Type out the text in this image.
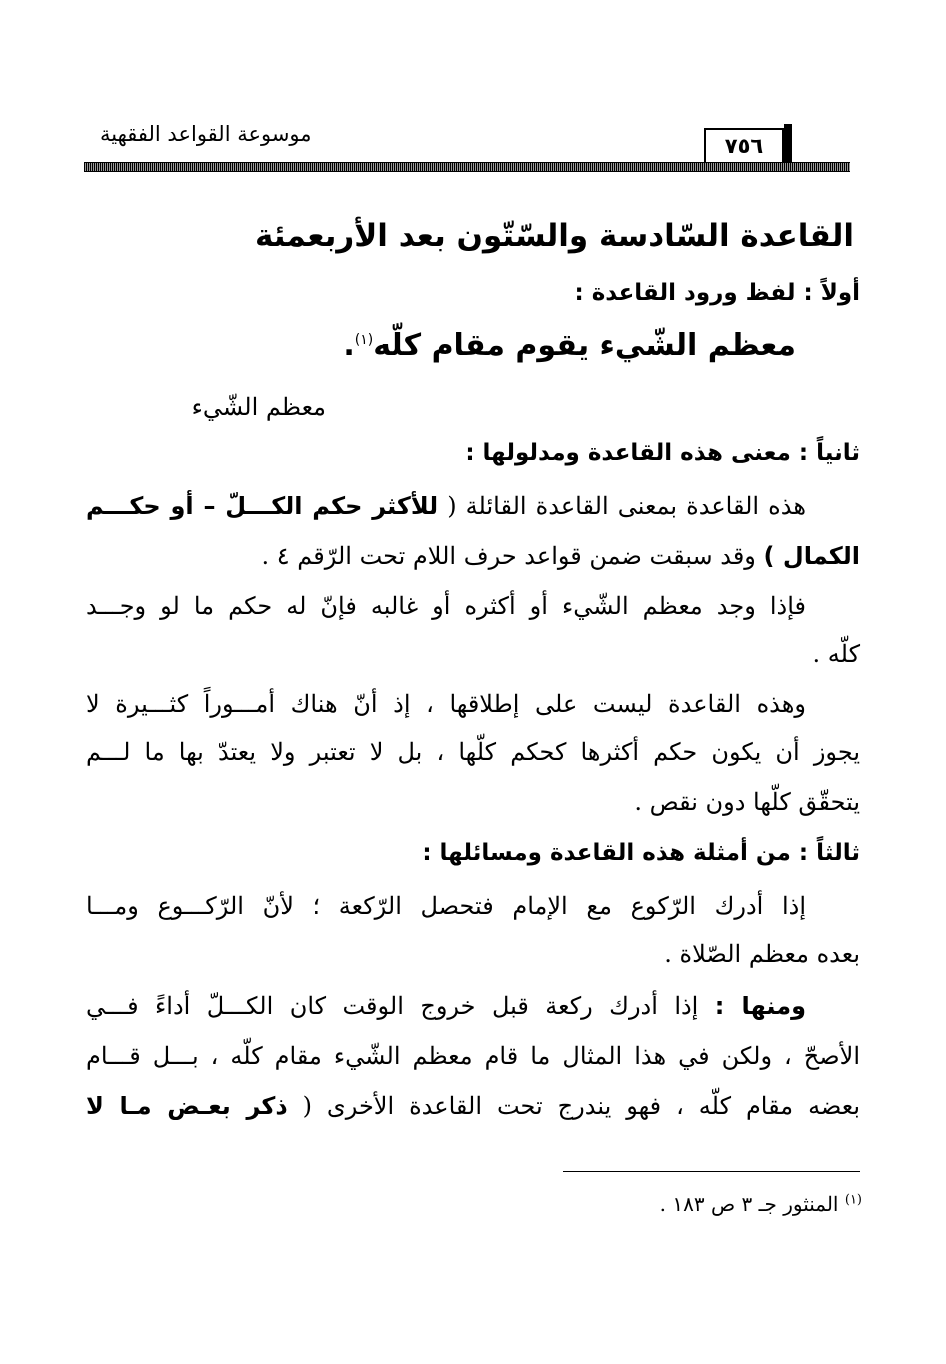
موسوعة القواعد الفقهية	٧٥٦
القاعدة السّادسة والسّتّون بعد الأربعمئة
أولاً : لفظ ورود القاعدة :
معظم الشّيء يقوم مقام كلّه$^{(١)}$.
معظم الشّيء
ثانياً : معنى هذه القاعدة ومدلولها :
هذه القاعدة بمعنى القاعدة القائلة ( للأكثر حكم الكـــلّ – أو حكـــم
الكمال ) وقد سبقت ضمن قواعد حرف اللام تحت الرّقم ٤ .
فإذا وجد معظم الشّيء أو أكثره أو غالبه فإنّ له حكم ما لو وجـــد
كلّه .
وهذه القاعدة ليست على إطلاقها ، إذ أنّ هناك أمـــوراً كثـــيرة لا
يجوز أن يكون حكم أكثرها كحكم كلّها ، بل لا تعتبر ولا يعتدّ بها ما لـــم
يتحقّق كلّها دون نقص .
ثالثاً : من أمثلة هذه القاعدة ومسائلها :
إذا أدرك الرّكوع مع الإمام فتحصل الرّكعة ؛ لأنّ الرّكـــوع ومـــا
بعده معظم الصّلاة .
ومنها : إذا أدرك ركعة قبل خروج الوقت كان الكـــلّ أداءً فـــي
الأصحّ ، ولكن في هذا المثال ما قام معظم الشّيء مقام كلّه ، بـــل قـــام
بعضه مقام كلّه ، فهو يندرج تحت القاعدة الأخرى ( ذكر بعـض مـا لا
$^{(١)}$ المنثور جـ ٣ ص ١٨٣ .
